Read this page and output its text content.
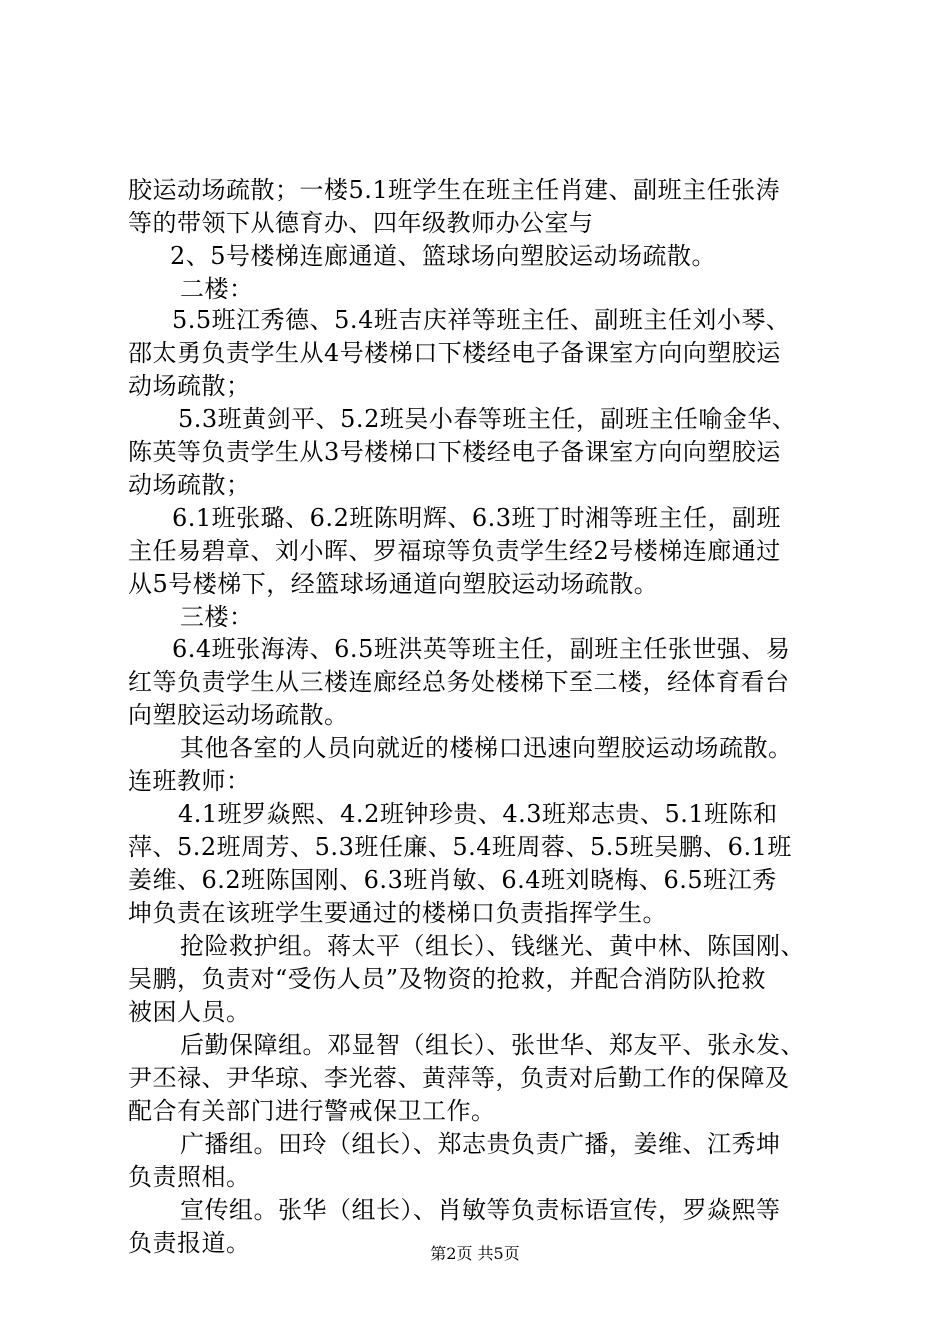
胶运动场疏散；一楼5.1班学生在班主任肖建、副班主任张涛
等的带领下从德育办、四年级教师办公室与
2、5号楼梯连廊通道、篮球场向塑胶运动场疏散。
二楼：
5.5班江秀德、5.4班吉庆祥等班主任、副班主任刘小琴、
邵太勇负责学生从4号楼梯口下楼经电子备课室方向向塑胶运
动场疏散；
5.3班黄剑平、5.2班吴小春等班主任，副班主任喻金华、
陈英等负责学生从3号楼梯口下楼经电子备课室方向向塑胶运
动场疏散；
6.1班张璐、6.2班陈明辉、6.3班丁时湘等班主任，副班
主任易碧章、刘小晖、罗福琼等负责学生经2号楼梯连廊通过
从5号楼梯下，经篮球场通道向塑胶运动场疏散。
三楼：
6.4班张海涛、6.5班洪英等班主任，副班主任张世强、易
红等负责学生从三楼连廊经总务处楼梯下至二楼，经体育看台
向塑胶运动场疏散。
其他各室的人员向就近的楼梯口迅速向塑胶运动场疏散。
连班教师：
4.1班罗焱熙、4.2班钟珍贵、4.3班郑志贵、5.1班陈和
萍、5.2班周芳、5.3班任廉、5.4班周蓉、5.5班吴鹏、6.1班
姜维、6.2班陈国刚、6.3班肖敏、6.4班刘晓梅、6.5班江秀
坤负责在该班学生要通过的楼梯口负责指挥学生。
抢险救护组。蒋太平（组长）、钱继光、黄中林、陈国刚、
吴鹏，负责对“受伤人员”及物资的抢救，并配合消防队抢救
被困人员。
后勤保障组。邓显智（组长）、张世华、郑友平、张永发、
尹丕禄、尹华琼、李光蓉、黄萍等，负责对后勤工作的保障及
配合有关部门进行警戒保卫工作。
广播组。田玲（组长）、郑志贵负责广播，姜维、江秀坤
负责照相。
宣传组。张华（组长）、肖敏等负责标语宣传，罗焱熙等
负责报道。	第2页 共5页
